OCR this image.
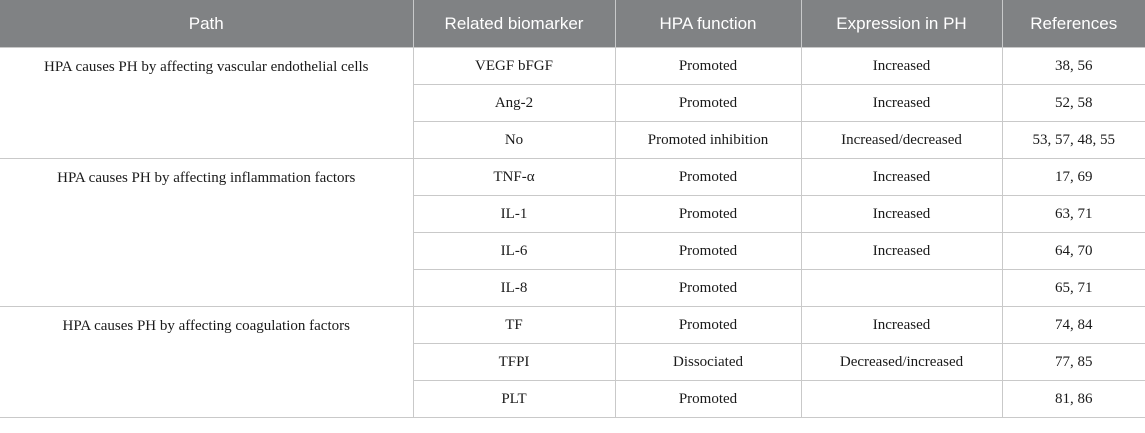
Path	Related biomarker	HPA function	Expression in PH	References
HPA causes PH by affecting vascular endothelial cells	VEGF bFGF	Promoted	Increased	38, 56
	Ang-2	Promoted	Increased	52, 58
	No	Promoted inhibition	Increased/decreased	53, 57, 48, 55
HPA causes PH by affecting inflammation factors	TNF-α	Promoted	Increased	17, 69
	IL-1	Promoted	Increased	63, 71
	IL-6	Promoted	Increased	64, 70
	IL-8	Promoted		65, 71
HPA causes PH by affecting coagulation factors	TF	Promoted	Increased	74, 84
	TFPI	Dissociated	Decreased/increased	77, 85
	PLT	Promoted		81, 86
